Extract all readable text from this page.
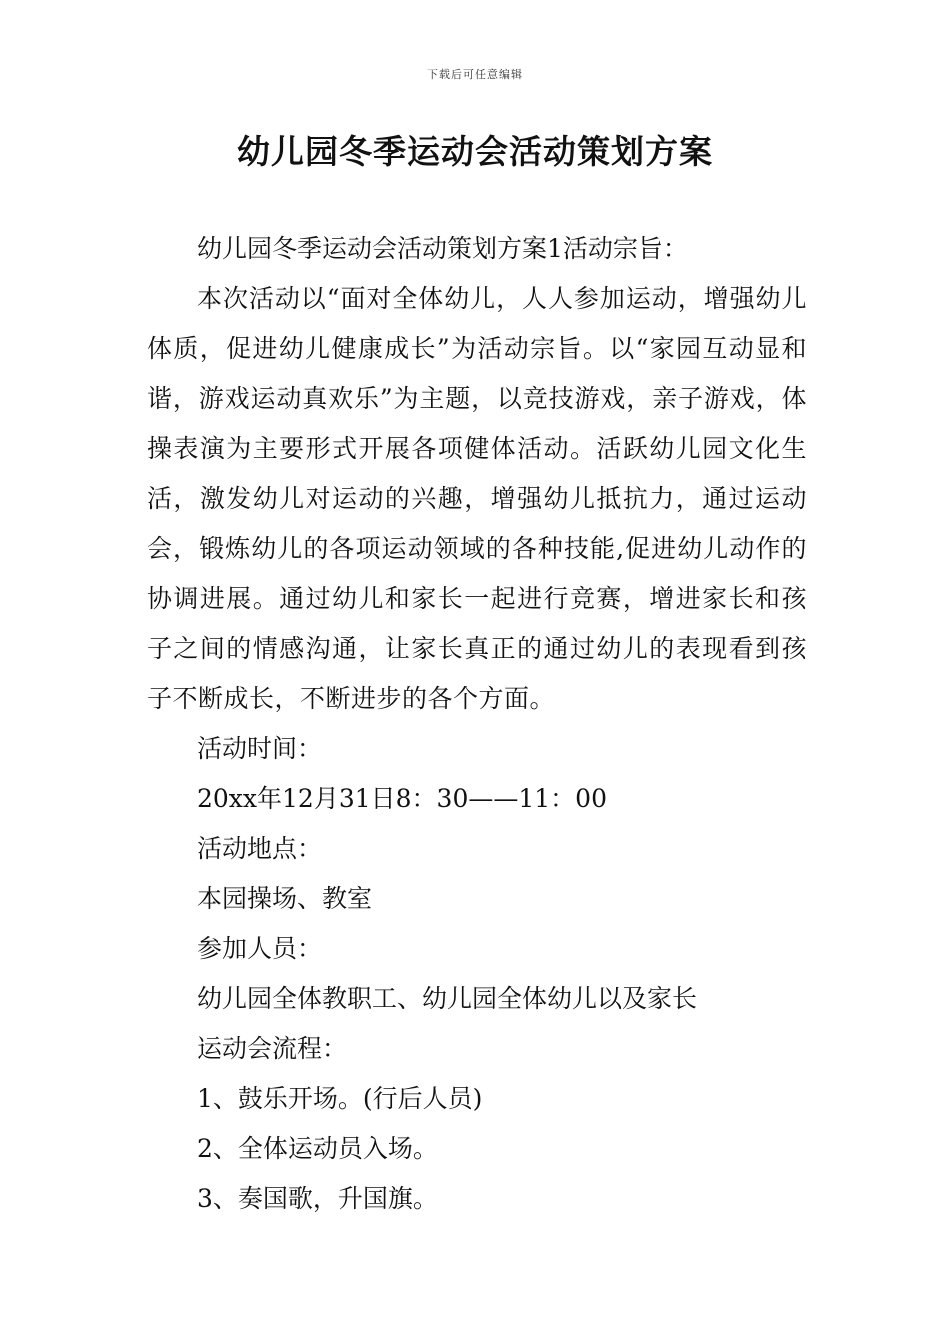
下载后可任意编辑
幼儿园冬季运动会活动策划方案

幼儿园冬季运动会活动策划方案1活动宗旨：

本次活动以“面对全体幼儿，人人参加运动，增强幼儿体质，促进幼儿健康成长”为活动宗旨。以“家园互动显和谐，游戏运动真欢乐”为主题，以竞技游戏，亲子游戏，体操表演为主要形式开展各项健体活动。活跃幼儿园文化生活，激发幼儿对运动的兴趣，增强幼儿抵抗力，通过运动会，锻炼幼儿的各项运动领域的各种技能,促进幼儿动作的协调进展。通过幼儿和家长一起进行竞赛，增进家长和孩子之间的情感沟通，让家长真正的通过幼儿的表现看到孩子不断成长，不断进步的各个方面。

活动时间：

20xx年12月31日8：30——11：00

活动地点：

本园操场、教室

参加人员：

幼儿园全体教职工、幼儿园全体幼儿以及家长

运动会流程：

1、鼓乐开场。(行后人员)

2、全体运动员入场。

3、奏国歌，升国旗。
